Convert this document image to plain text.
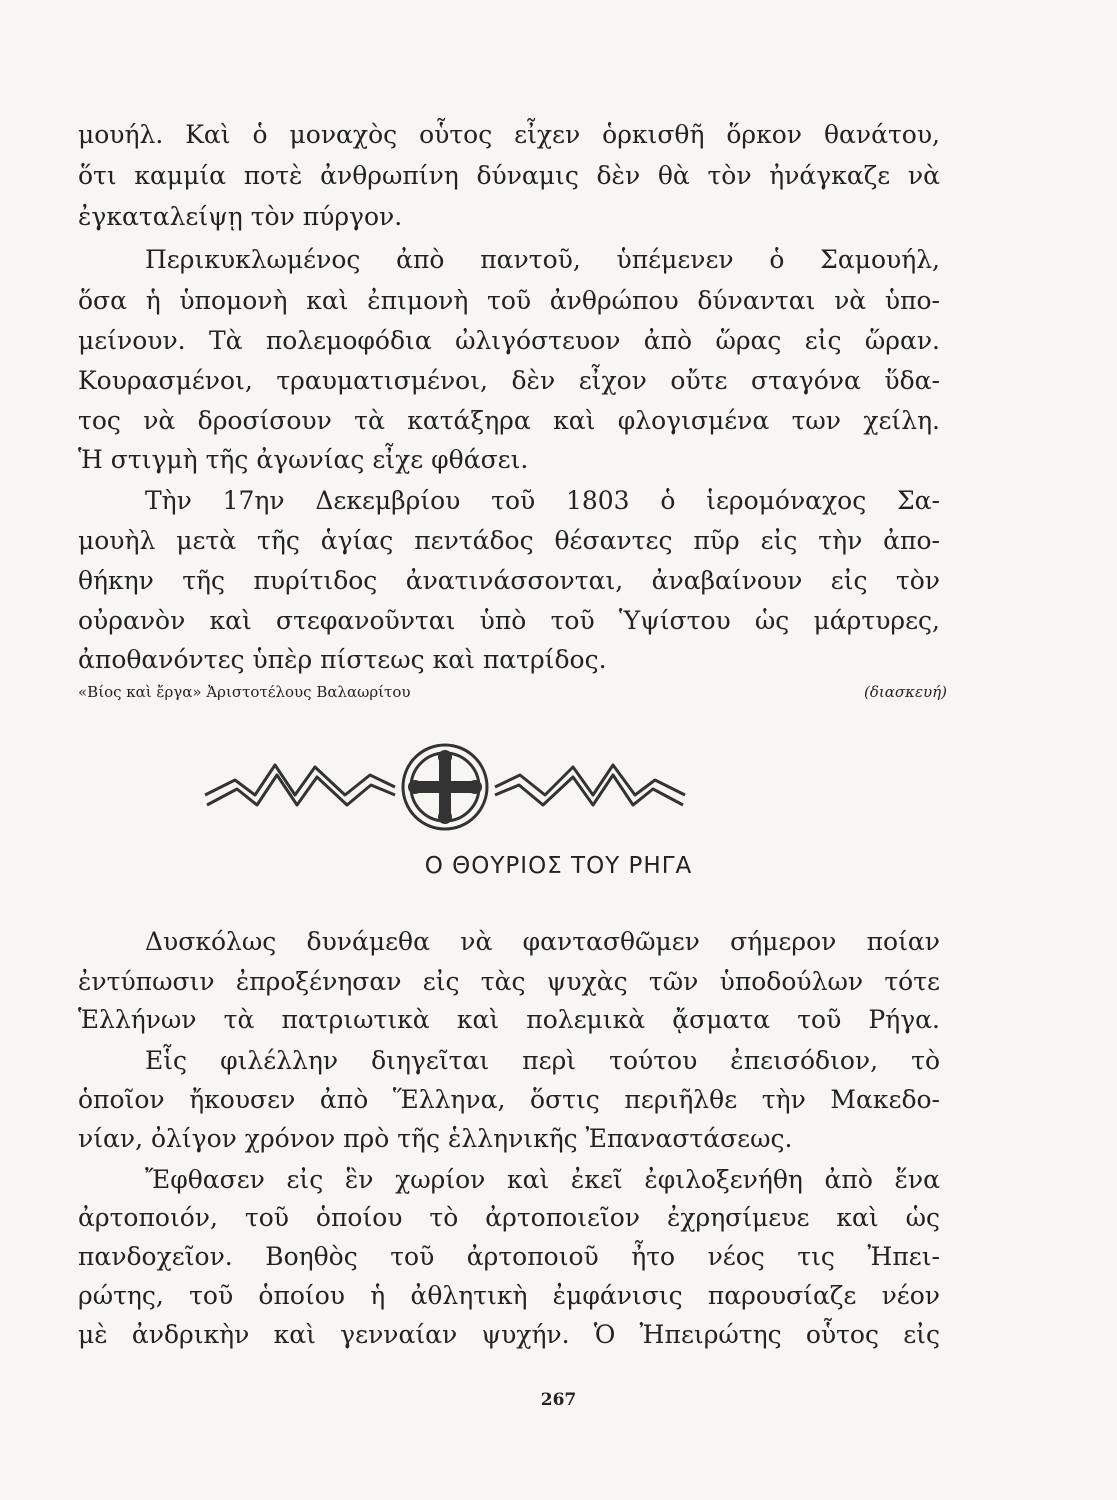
μουήλ. Καὶ ὁ μοναχὸς οὗτος εἶχεν ὁρκισθῆ ὅρκον θανάτου,
ὅτι καμμία ποτὲ ἀνθρωπίνη δύναμις δὲν θὰ τὸν ἠνάγκαζε νὰ
ἐγκαταλείψῃ τὸν πύργον.
Περικυκλωμένος ἀπὸ παντοῦ, ὑπέμενεν ὁ Σαμουήλ,
ὅσα ἡ ὑπομονὴ καὶ ἐπιμονὴ τοῦ ἀνθρώπου δύνανται νὰ ὑπο-
μείνουν. Τὰ πολεμοφόδια ὠλιγόστευον ἀπὸ ὥρας εἰς ὥραν.
Κουρασμένοι, τραυματισμένοι, δὲν εἶχον οὔτε σταγόνα ὕδα-
τος νὰ δροσίσουν τὰ κατάξηρα καὶ φλογισμένα των χείλη.
Ἡ στιγμὴ τῆς ἀγωνίας εἶχε φθάσει.
Τὴν 17ην Δεκεμβρίου τοῦ 1803 ὁ ἱερομόναχος Σα-
μουὴλ μετὰ τῆς ἁγίας πεντάδος θέσαντες πῦρ εἰς τὴν ἀπο-
θήκην τῆς πυρίτιδος ἀνατινάσσονται, ἀναβαίνουν εἰς τὸν
οὐρανὸν καὶ στεφανοῦνται ὑπὸ τοῦ Ὑψίστου ὡς μάρτυρες,
ἀποθανόντες ὑπὲρ πίστεως καὶ πατρίδος.
«Βίος καὶ ἔργα» Ἀριστοτέλους Βαλαωρίτου	(διασκευή)
Ο ΘΟΥΡΙΟΣ ΤΟΥ ΡΗΓΑ
Δυσκόλως δυνάμεθα νὰ φαντασθῶμεν σήμερον ποίαν
ἐντύπωσιν ἐπροξένησαν εἰς τὰς ψυχὰς τῶν ὑποδούλων τότε
Ἑλλήνων τὰ πατριωτικὰ καὶ πολεμικὰ ᾄσματα τοῦ Ρήγα.
Εἷς φιλέλλην διηγεῖται περὶ τούτου ἐπεισόδιον, τὸ
ὁποῖον ἤκουσεν ἀπὸ Ἕλληνα, ὅστις περιῆλθε τὴν Μακεδο-
νίαν, ὀλίγον χρόνον πρὸ τῆς ἑλληνικῆς Ἐπαναστάσεως.
Ἔφθασεν εἰς ἓν χωρίον καὶ ἐκεῖ ἐφιλοξενήθη ἀπὸ ἕνα
ἀρτοποιόν, τοῦ ὁποίου τὸ ἀρτοποιεῖον ἐχρησίμευε καὶ ὡς
πανδοχεῖον. Βοηθὸς τοῦ ἀρτοποιοῦ ἦτο νέος τις Ἠπει-
ρώτης, τοῦ ὁποίου ἡ ἀθλητικὴ ἐμφάνισις παρουσίαζε νέον
μὲ ἀνδρικὴν καὶ γενναίαν ψυχήν. Ὁ Ἠπειρώτης οὗτος εἰς
267
